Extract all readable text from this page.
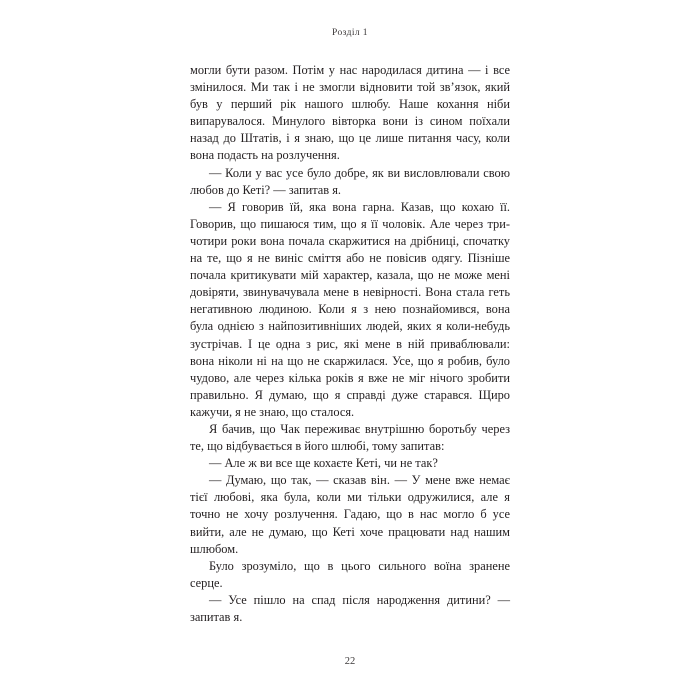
Розділ 1

могли бути разом. Потім у нас народилася дитина — і все змінилося. Ми так і не змогли відновити той зв’язок, який був у перший рік нашого шлюбу. Наше кохання ніби випарувалося. Минулого вівторка вони із сином поїхали назад до Штатів, і я знаю, що це лише питання часу, коли вона подасть на розлучення.

— Коли у вас усе було добре, як ви висловлювали свою любов до Кеті? — запитав я.

— Я говорив їй, яка вона гарна. Казав, що кохаю її. Говорив, що пишаюся тим, що я її чоловік. Але через три-чотири роки вона почала скаржитися на дрібниці, спочатку на те, що я не виніс сміття або не повісив одягу. Пізніше почала критикувати мій характер, казала, що не може мені довіряти, звинувачувала мене в невірності. Вона стала геть негативною людиною. Коли я з нею познайомився, вона була однією з найпозитивніших людей, яких я коли-небудь зустрічав. І це одна з рис, які мене в ній приваблювали: вона ніколи ні на що не скаржилася. Усе, що я робив, було чудово, але через кілька років я вже не міг нічого зробити правильно. Я думаю, що я справді дуже старався. Щиро кажучи, я не знаю, що сталося.

Я бачив, що Чак переживає внутрішню боротьбу через те, що відбувається в його шлюбі, тому запитав:

— Але ж ви все ще кохаєте Кеті, чи не так?

— Думаю, що так, — сказав він. — У мене вже немає тієї любові, яка була, коли ми тільки одружилися, але я точно не хочу розлучення. Гадаю, що в нас могло б усе вийти, але не думаю, що Кеті хоче працювати над нашим шлюбом.

Було зрозуміло, що в цього сильного воїна зранене серце.

— Усе пішло на спад після народження дитини? — запитав я.

22
